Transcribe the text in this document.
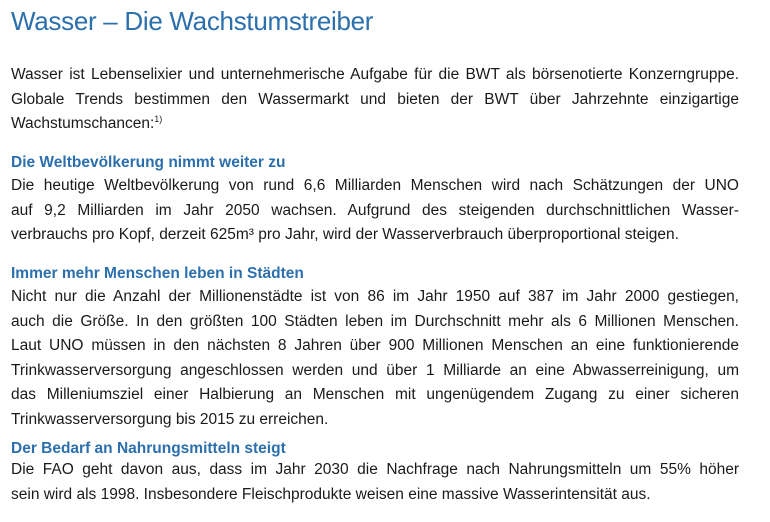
Wasser – Die Wachstumstreiber
Wasser ist Lebenselixier und unternehmerische Aufgabe für die BWT als börsenotierte Konzerngruppe.
Globale Trends bestimmen den Wassermarkt und bieten der BWT über Jahrzehnte einzigartige
Wachstumschancen:$^{1)}$
Die Weltbevölkerung nimmt weiter zu
Die heutige Weltbevölkerung von rund 6,6 Milliarden Menschen wird nach Schätzungen der UNO
auf 9,2 Milliarden im Jahr 2050 wachsen. Aufgrund des steigenden durchschnittlichen Wasser-
verbrauchs pro Kopf, derzeit 625m³ pro Jahr, wird der Wasserverbrauch überproportional steigen.
Immer mehr Menschen leben in Städten
Nicht nur die Anzahl der Millionenstädte ist von 86 im Jahr 1950 auf 387 im Jahr 2000 gestiegen,
auch die Größe. In den größten 100 Städten leben im Durchschnitt mehr als 6 Millionen Menschen.
Laut UNO müssen in den nächsten 8 Jahren über 900 Millionen Menschen an eine funktionierende
Trinkwasserversorgung angeschlossen werden und über 1 Milliarde an eine Abwasserreinigung, um
das Milleniumsziel einer Halbierung an Menschen mit ungenügendem Zugang zu einer sicheren
Trinkwasserversorgung bis 2015 zu erreichen.
Der Bedarf an Nahrungsmitteln steigt
Die FAO geht davon aus, dass im Jahr 2030 die Nachfrage nach Nahrungsmitteln um 55% höher
sein wird als 1998. Insbesondere Fleischprodukte weisen eine massive Wasserintensität aus.
